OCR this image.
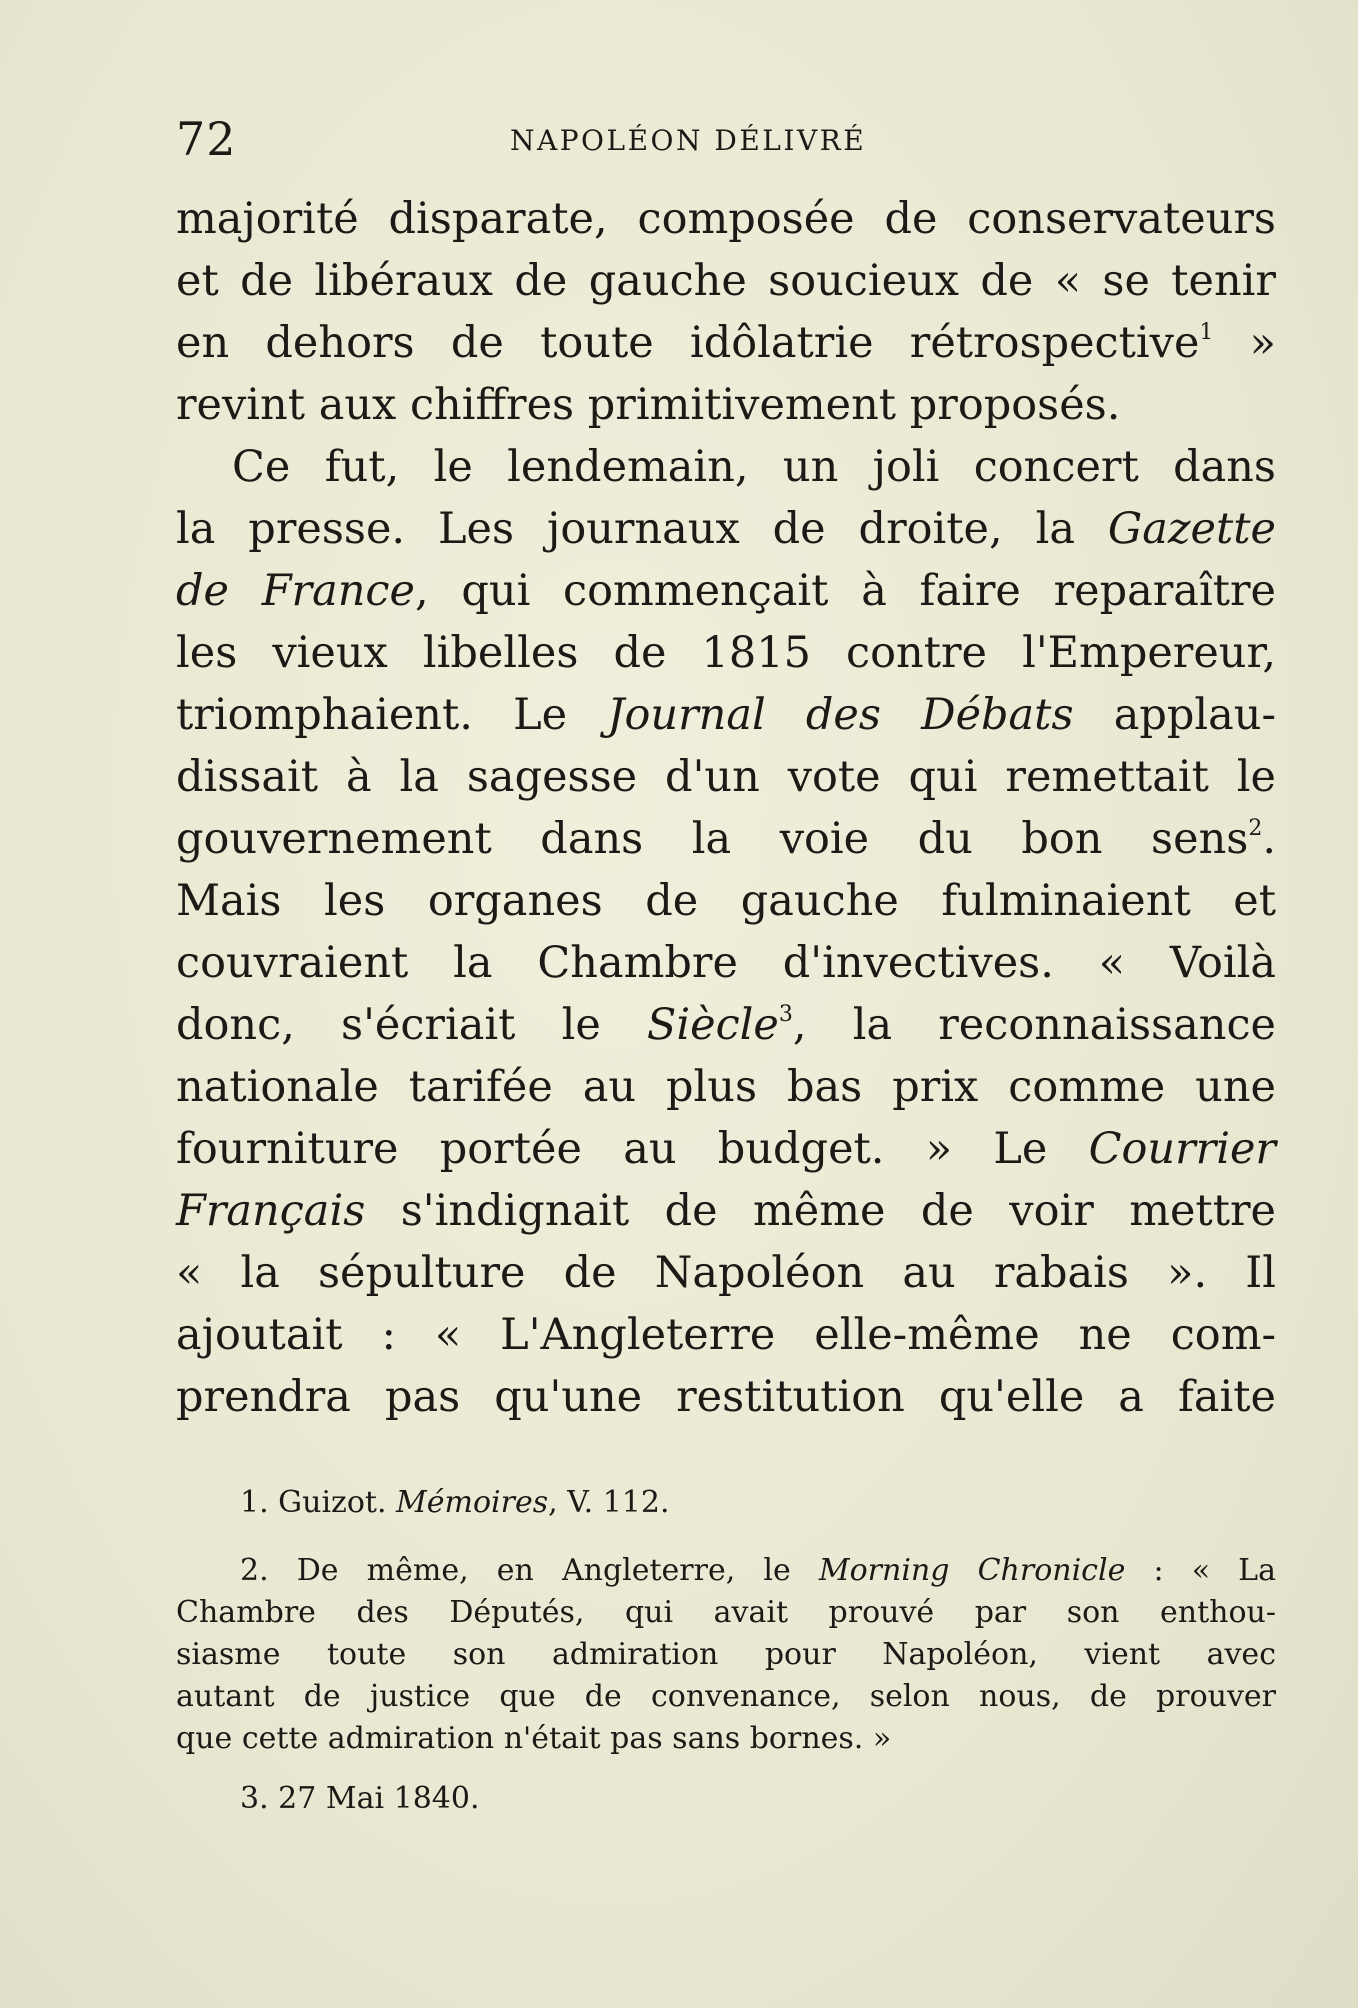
72	NAPOLÉON DÉLIVRÉ
majorité disparate, composée de conservateurs
et de libéraux de gauche soucieux de « se tenir
en dehors de toute idôlatrie rétrospective$^1$ »
revint aux chiffres primitivement proposés.
Ce fut, le lendemain, un joli concert dans
la presse. Les journaux de droite, la Gazette
de France, qui commençait à faire reparaître
les vieux libelles de 1815 contre l'Empereur,
triomphaient. Le Journal des Débats applau-
dissait à la sagesse d'un vote qui remettait le
gouvernement dans la voie du bon sens$^2$.
Mais les organes de gauche fulminaient et
couvraient la Chambre d'invectives. « Voilà
donc, s'écriait le Siècle$^3$, la reconnaissance
nationale tarifée au plus bas prix comme une
fourniture portée au budget. » Le Courrier
Français s'indignait de même de voir mettre
« la sépulture de Napoléon au rabais ». Il
ajoutait : « L'Angleterre elle-même ne com-
prendra pas qu'une restitution qu'elle a faite
1. Guizot. Mémoires, V. 112.
2. De même, en Angleterre, le Morning Chronicle : « La
Chambre des Députés, qui avait prouvé par son enthou-
siasme toute son admiration pour Napoléon, vient avec
autant de justice que de convenance, selon nous, de prouver
que cette admiration n'était pas sans bornes. »
3. 27 Mai 1840.
